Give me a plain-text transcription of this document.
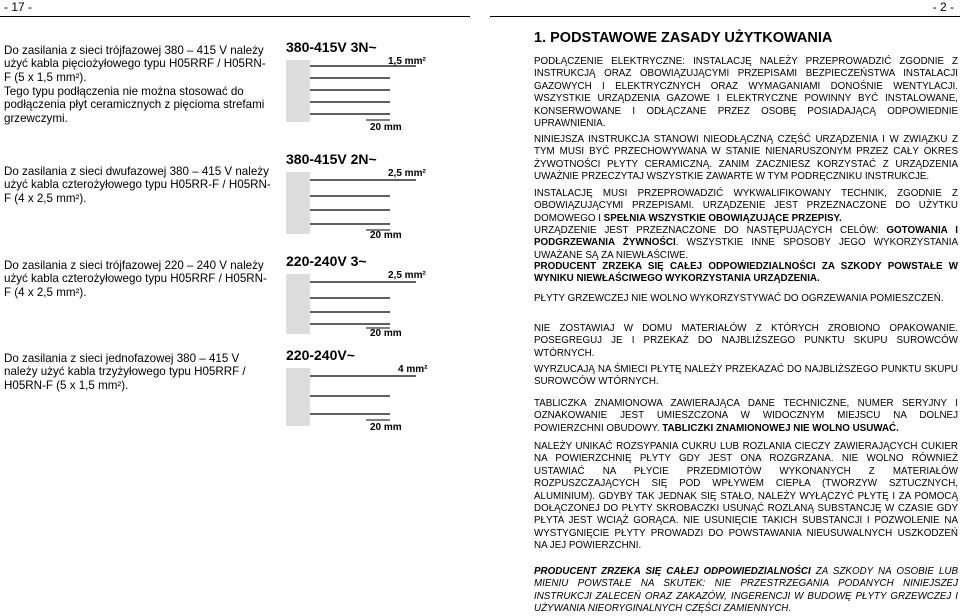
- 17 -
Do zasilania z sieci trójfazowej 380 – 415 V należy użyć kabla pięciożyłowego typu H05RRF / H05RN-F (5 x 1,5 mm²).
Tego typu podłączenia nie można stosować do podłączenia płyt ceramicznych z pięcioma strefami grzewczymi.
Do zasilania z sieci dwufazowej 380 – 415 V należy użyć kabla czterożyłowego typu H05RR-F / H05RN-F (4 x 2,5 mm²).
Do zasilania z sieci trójfazowej 220 – 240 V należy użyć kabla czterożyłowego typu H05RRF / H05RN-F (4 x 2,5 mm²).
Do zasilania z sieci jednofazowej 380 – 415 V należy użyć kabla trzyżyłowego typu H05RRF / H05RN-F (5 x 1,5 mm²).
380-415V 3N~
1,5 mm²
20 mm
380-415V 2N~
2,5 mm²
20 mm
220-240V 3~
2,5 mm²
20 mm
220-240V~
4 mm²
20 mm
- 2 -
1. PODSTAWOWE ZASADY UŻYTKOWANIA

PODŁĄCZENIE ELEKTRYCZNE: INSTALACJĘ NALEŻY PRZEPROWADZIĆ ZGODNIE Z INSTRUKCJĄ ORAZ OBOWIĄZUJĄCYMI PRZEPISAMI BEZPIECZEŃSTWA INSTALACJI GAZOWYCH I ELEKTRYCZNYCH ORAZ WYMAGANIAMI DONOŚNIE WENTYLACJI. WSZYSTKIE URZĄDZENIA GAZOWE I ELEKTRYCZNE POWINNY BYĆ INSTALOWANE, KONSERWOWANE I ODŁĄCZANE PRZEZ OSOBĘ POSIADAJĄCĄ ODPOWIEDNIE UPRAWNIENIA.

NINIEJSZA INSTRUKCJA STANOWI NIEODŁĄCZNĄ CZĘŚĆ URZĄDZENIA I W ZWIĄZKU Z TYM MUSI BYĆ PRZECHOWYWANA W STANIE NIENARUSZONYM PRZEZ CAŁY OKRES ŻYWOTNOŚCI PŁYTY CERAMICZNĄ. ZANIM ZACZNIESZ KORZYSTAĆ Z URZĄDZENIA UWAŻNIE PRZECZYTAJ WSZYSTKIE ZAWARTE W TYM PODRĘCZNIKU INSTRUKCJE.

INSTALACJĘ MUSI PRZEPROWADZIĆ WYKWALIFIKOWANY TECHNIK, ZGODNIE Z OBOWIĄZUJĄCYMI PRZEPISAMI. URZĄDZENIE JEST PRZEZNACZONE DO UŻYTKU DOMOWEGO I SPEŁNIA WSZYSTKIE OBOWIĄZUJĄCE PRZEPISY.

URZĄDZENIE JEST PRZEZNACZONE DO NASTĘPUJĄCYCH CELÓW: GOTOWANIA I PODGRZEWANIA ŻYWNOŚCI. WSZYSTKIE INNE SPOSOBY JEGO WYKORZYSTANIA UWAŻANE SĄ ZA NIEWŁAŚCIWE.

PRODUCENT ZRZEKA SIĘ CAŁEJ ODPOWIEDZIALNOŚCI ZA SZKODY POWSTAŁE W WYNIKU NIEWŁAŚCIWEGO WYKORZYSTANIA URZĄDZENIA.

PŁYTY GRZEWCZEJ NIE WOLNO WYKORZYSTYWAĆ DO OGRZEWANIA POMIESZCZEŃ.

NIE ZOSTAWIAJ W DOMU MATERIAŁÓW Z KTÓRYCH ZROBIONO OPAKOWANIE. POSEGREGUJ JE I PRZEKAŻ DO NAJBLIŻSZEGO PUNKTU SKUPU SUROWCÓW WTÓRNYCH.

WYRZUCAJĄ NA ŚMIECI PŁYTĘ NALEŻY PRZEKAZAĆ DO NAJBLIŻSZEGO PUNKTU SKUPU SUROWCÓW WTÓRNYCH.

TABLICZKA ZNAMIONOWA ZAWIERAJĄCA DANE TECHNICZNE, NUMER SERYJNY I OZNAKOWANIE JEST UMIESZCZONA W WIDOCZNYM MIEJSCU NA DOLNEJ POWIERZCHNI OBUDOWY. TABLICZKI ZNAMIONOWEJ NIE WOLNO USUWAĆ.

NALEŻY UNIKAĆ ROZSYPANIA CUKRU LUB ROZLANIA CIECZY ZAWIERAJĄCYCH CUKIER NA POWIERZCHNIĘ PŁYTY GDY JEST ONA ROZGRZANA. NIE WOLNO RÓWNIEŻ USTAWIAĆ NA PŁYCIE PRZEDMIOTÓW WYKONANYCH Z MATERIAŁÓW ROZPUSZCZAJĄCYCH SIĘ POD WPŁYWEM CIEPŁA (TWORZYW SZTUCZNYCH, ALUMINIUM). GDYBY TAK JEDNAK SIĘ STAŁO, NALEŻY WYŁĄCZYĆ PŁYTĘ I ZA POMOCĄ DOŁĄCZONEJ DO PŁYTY SKROBACZKI USUNĄĆ ROZLANĄ SUBSTANCJĘ W CZASIE GDY PŁYTA JEST WCIĄŻ GORĄCA. NIE USUNIĘCIE TAKICH SUBSTANCJI I POZWOLENIE NA WYSTYGNIĘCIE PŁYTY PROWADZI DO POWSTAWANIA NIEUSUWALNYCH USZKODZEŃ NA JEJ POWIERZCHNI.

PRODUCENT ZRZEKA SIĘ CAŁEJ ODPOWIEDZIALNOŚCI ZA SZKODY NA OSOBIE LUB MIENIU POWSTAŁE NA SKUTEK: NIE PRZESTRZEGANIA PODANYCH NINIEJSZEJ INSTRUKCJI ZALECEŃ ORAZ ZAKAZÓW, INGERENCJI W BUDOWĘ PŁYTY GRZEWCZEJ I UŻYWANIA NIEORYGINALNYCH CZĘŚCI ZAMIENNYCH.
